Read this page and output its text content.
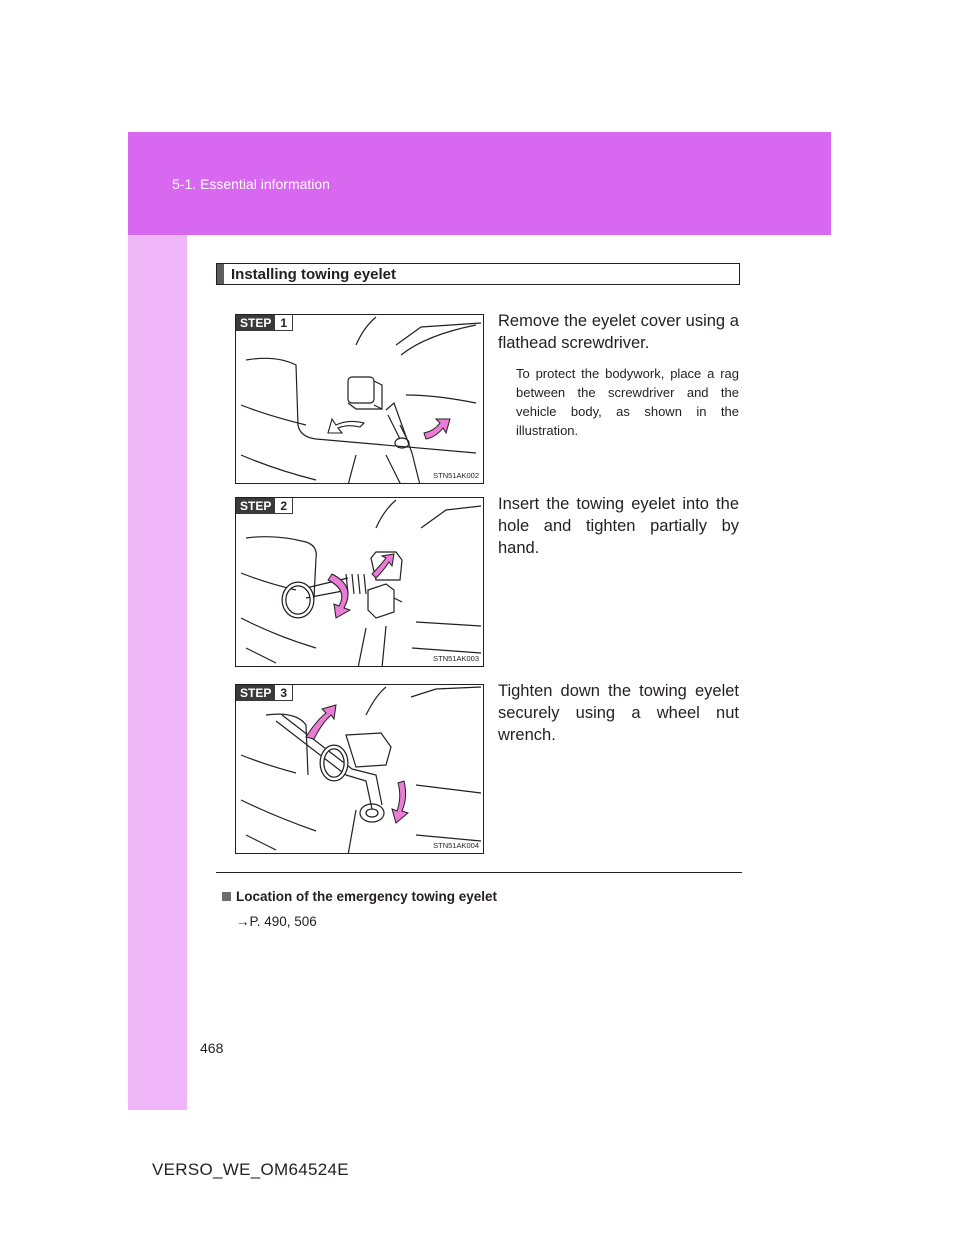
5-1. Essential information
Installing towing eyelet
STEP 1
STN51AK002
Remove the eyelet cover using a flathead screwdriver.
To protect the bodywork, place a rag between the screwdriver and the vehicle body, as shown in the illustration.
STEP 2
STN51AK003
Insert the towing eyelet into the hole and tighten partially by hand.
STEP 3
STN51AK004
Tighten down the towing eyelet securely using a wheel nut wrench.
Location of the emergency towing eyelet
→P. 490, 506
468
VERSO_WE_OM64524E
